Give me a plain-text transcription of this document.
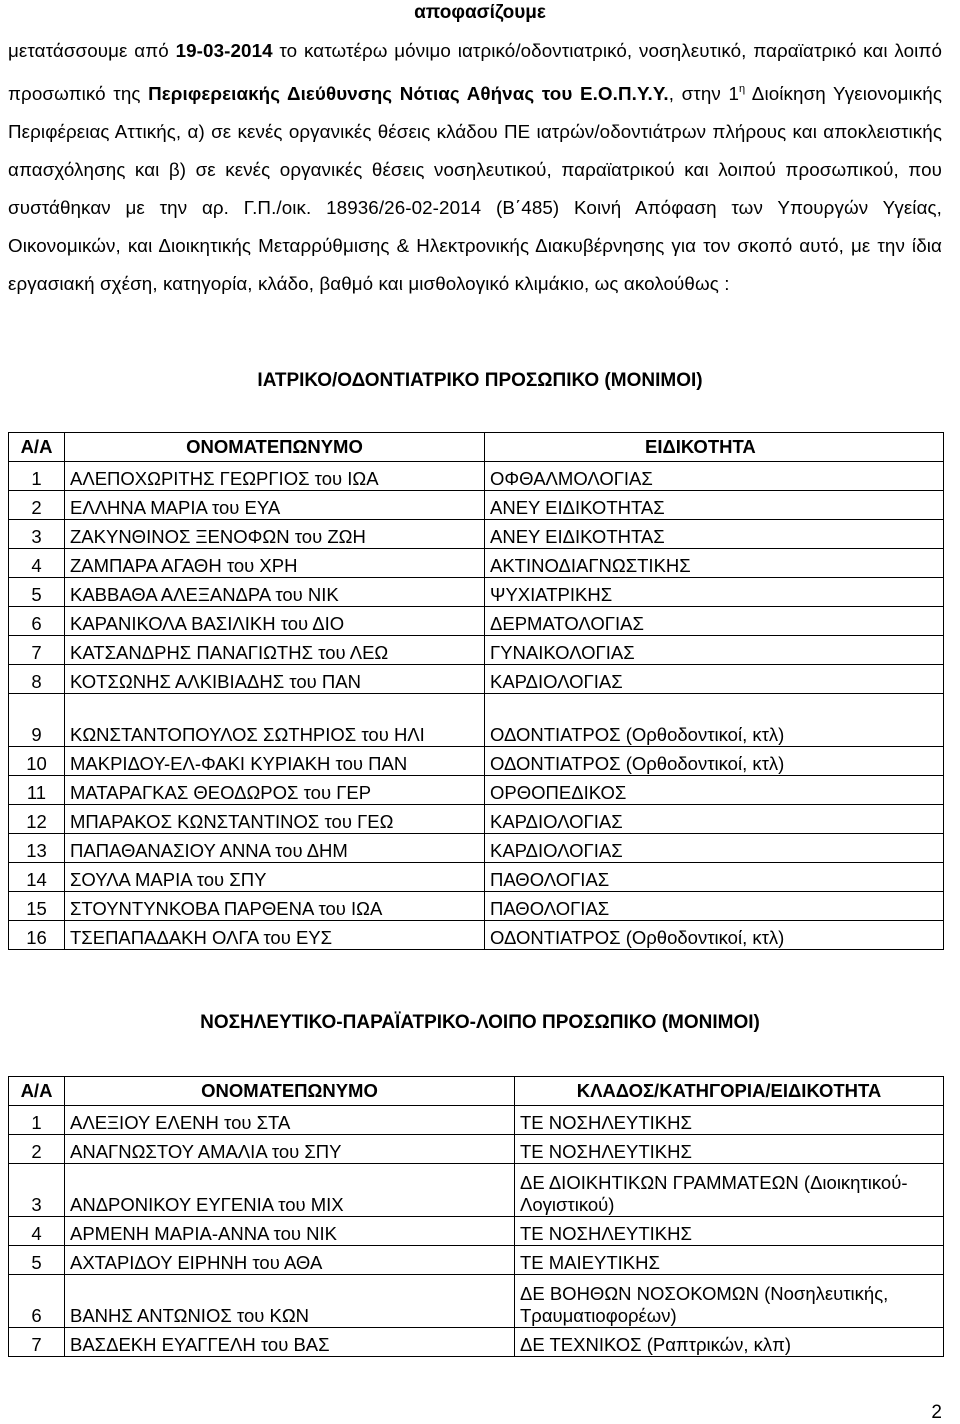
αποφασίζουμε
μετατάσσουμε από 19-03-2014 το κατωτέρω μόνιμο ιατρικό/οδοντιατρικό, νοσηλευτικό, παραϊατρικό και λοιπό προσωπικό της Περιφερειακής Διεύθυνσης Νότιας Αθήνας του Ε.Ο.Π.Υ.Υ., στην $1^\eta$ Διοίκηση Υγειονομικής Περιφέρειας Αττικής, α) σε κενές οργανικές θέσεις κλάδου ΠΕ ιατρών/οδοντιάτρων πλήρους και αποκλειστικής απασχόλησης και β) σε κενές οργανικές θέσεις νοσηλευτικού, παραϊατρικού και λοιπού προσωπικού, που συστάθηκαν με την αρ. Γ.Π./οικ. 18936/26-02-2014 (Β΄485) Κοινή Απόφαση των Υπουργών Υγείας, Οικονομικών, και Διοικητικής Μεταρρύθμισης & Ηλεκτρονικής Διακυβέρνησης για τον σκοπό αυτό, με την ίδια εργασιακή σχέση, κατηγορία, κλάδο, βαθμό και μισθολογικό κλιμάκιο, ως ακολούθως :
ΙΑΤΡΙΚΟ/ΟΔΟΝΤΙΑΤΡΙΚΟ ΠΡΟΣΩΠΙΚΟ (ΜΟΝΙΜΟΙ)
Α/Α	ΟΝΟΜΑΤΕΠΩΝΥΜΟ	ΕΙΔΙΚΟΤΗΤΑ
1	ΑΛΕΠΟΧΩΡΙΤΗΣ ΓΕΩΡΓΙΟΣ του ΙΩΑ	ΟΦΘΑΛΜΟΛΟΓΙΑΣ
2	ΕΛΛΗΝΑ ΜΑΡΙΑ του ΕΥΑ	ΑΝΕΥ ΕΙΔΙΚΟΤΗΤΑΣ
3	ΖΑΚΥΝΘΙΝΟΣ ΞΕΝΟΦΩΝ του ΖΩΗ	ΑΝΕΥ ΕΙΔΙΚΟΤΗΤΑΣ
4	ΖΑΜΠΑΡΑ ΑΓΑΘΗ του ΧΡΗ	ΑΚΤΙΝΟΔΙΑΓΝΩΣΤΙΚΗΣ
5	ΚΑΒΒΑΘΑ ΑΛΕΞΑΝΔΡΑ του ΝΙΚ	ΨΥΧΙΑΤΡΙΚΗΣ
6	ΚΑΡΑΝΙΚΟΛΑ ΒΑΣΙΛΙΚΗ του ΔΙΟ	ΔΕΡΜΑΤΟΛΟΓΙΑΣ
7	ΚΑΤΣΑΝΔΡΗΣ ΠΑΝΑΓΙΩΤΗΣ του ΛΕΩ	ΓΥΝΑΙΚΟΛΟΓΙΑΣ
8	ΚΟΤΣΩΝΗΣ ΑΛΚΙΒΙΑΔΗΣ του ΠΑΝ	ΚΑΡΔΙΟΛΟΓΙΑΣ
9	ΚΩΝΣΤΑΝΤΟΠΟΥΛΟΣ ΣΩΤΗΡΙΟΣ του ΗΛΙ	ΟΔΟΝΤΙΑΤΡΟΣ (Ορθοδοντικοί, κτλ)
10	ΜΑΚΡΙΔΟΥ-ΕΛ-ΦΑΚΙ ΚΥΡΙΑΚΗ του ΠΑΝ	ΟΔΟΝΤΙΑΤΡΟΣ (Ορθοδοντικοί, κτλ)
11	ΜΑΤΑΡΑΓΚΑΣ ΘΕΟΔΩΡΟΣ του ΓΕΡ	ΟΡΘΟΠΕΔΙΚΟΣ
12	ΜΠΑΡΑΚΟΣ ΚΩΝΣΤΑΝΤΙΝΟΣ του ΓΕΩ	ΚΑΡΔΙΟΛΟΓΙΑΣ
13	ΠΑΠΑΘΑΝΑΣΙΟΥ ΑΝΝΑ του ΔΗΜ	ΚΑΡΔΙΟΛΟΓΙΑΣ
14	ΣΟΥΛΑ ΜΑΡΙΑ του ΣΠΥ	ΠΑΘΟΛΟΓΙΑΣ
15	ΣΤΟΥΝΤΥΝΚΟΒΑ ΠΑΡΘΕΝΑ του ΙΩΑ	ΠΑΘΟΛΟΓΙΑΣ
16	ΤΣΕΠΑΠΑΔΑΚΗ ΟΛΓΑ του ΕΥΣ	ΟΔΟΝΤΙΑΤΡΟΣ (Ορθοδοντικοί, κτλ)
ΝΟΣΗΛΕΥΤΙΚΟ-ΠΑΡΑΪΑΤΡΙΚΟ-ΛΟΙΠΟ ΠΡΟΣΩΠΙΚΟ (ΜΟΝΙΜΟΙ)
Α/Α	ΟΝΟΜΑΤΕΠΩΝΥΜΟ	ΚΛΑΔΟΣ/ΚΑΤΗΓΟΡΙΑ/ΕΙΔΙΚΟΤΗΤΑ
1	ΑΛΕΞΙΟΥ ΕΛΕΝΗ του ΣΤΑ	ΤΕ ΝΟΣΗΛΕΥΤΙΚΗΣ
2	ΑΝΑΓΝΩΣΤΟΥ ΑΜΑΛΙΑ του ΣΠΥ	ΤΕ ΝΟΣΗΛΕΥΤΙΚΗΣ
3	ΑΝΔΡΟΝΙΚΟΥ ΕΥΓΕΝΙΑ του ΜΙΧ	ΔΕ ΔΙΟΙΚΗΤΙΚΩΝ ΓΡΑΜΜΑΤΕΩΝ (Διοικητικού-Λογιστικού)
4	ΑΡΜΕΝΗ ΜΑΡΙΑ-ΑΝΝΑ του ΝΙΚ	ΤΕ ΝΟΣΗΛΕΥΤΙΚΗΣ
5	ΑΧΤΑΡΙΔΟΥ ΕΙΡΗΝΗ του ΑΘΑ	ΤΕ ΜΑΙΕΥΤΙΚΗΣ
6	ΒΑΝΗΣ ΑΝΤΩΝΙΟΣ του ΚΩΝ	ΔΕ ΒΟΗΘΩΝ ΝΟΣΟΚΟΜΩΝ (Νοσηλευτικής, Τραυματιοφορέων)
7	ΒΑΣΔΕΚΗ ΕΥΑΓΓΕΛΗ του ΒΑΣ	ΔΕ ΤΕΧΝΙΚΟΣ (Ραπτρικών, κλπ)
2
